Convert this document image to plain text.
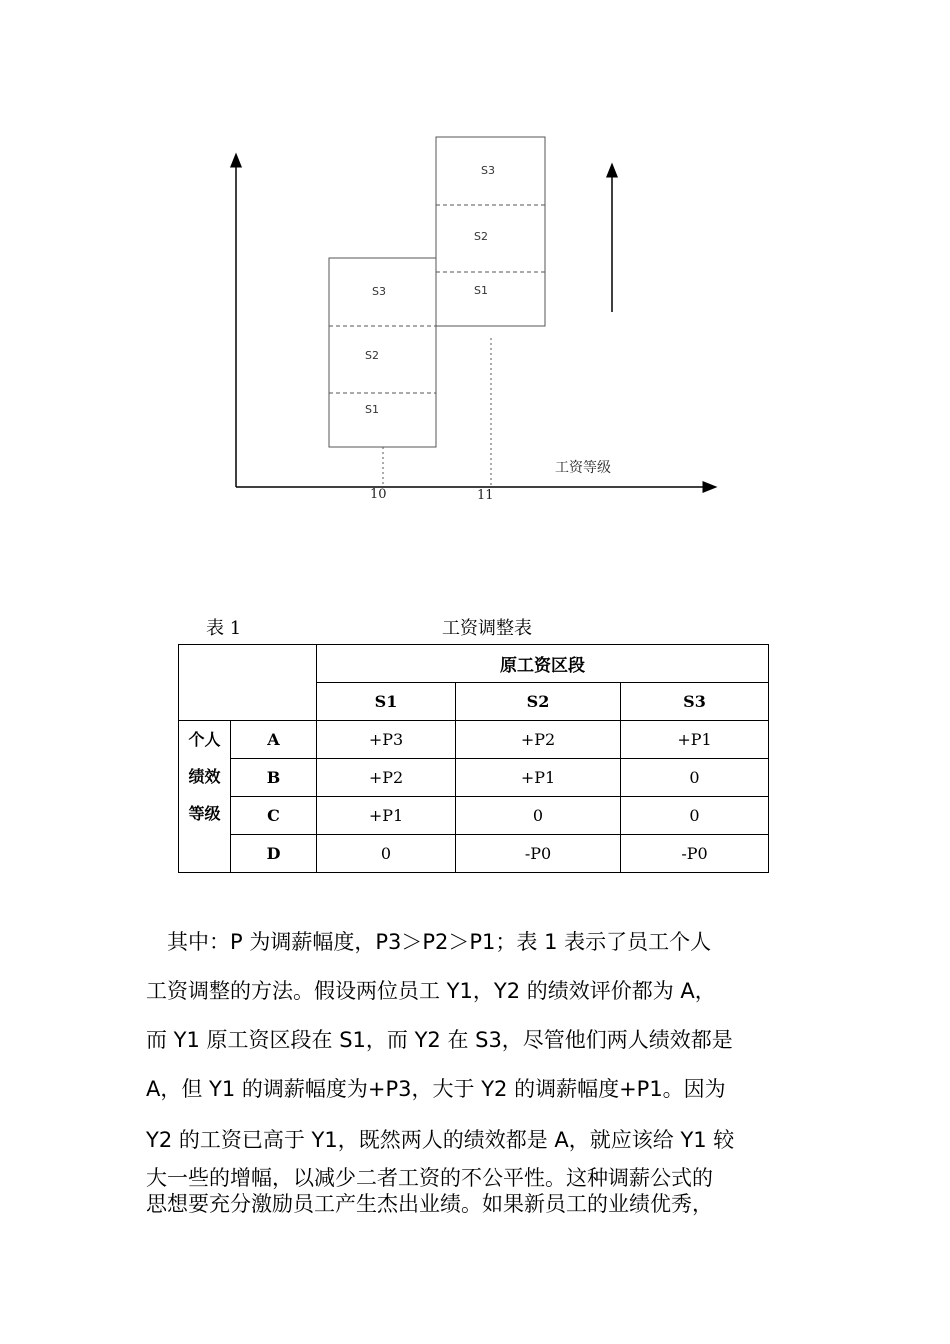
S3
S2
S1
S3
S2
S1
工资等级
10	11
表 1	工资调整表
		原工资区段		
		S1	S2	S3

个人
绩效
等级	A	+P3	+P2	+P1
	B	+P2	+P1	0
	C	+P1	0	0
	D	0	-P0	-P0
　其中：P 为调薪幅度，P3＞P2＞P1；表 1 表示了员工个人
工资调整的方法。假设两位员工 Y1，Y2 的绩效评价都为 A，
而 Y1 原工资区段在 S1，而 Y2 在 S3，尽管他们两人绩效都是
A，但 Y1 的调薪幅度为+P3，大于 Y2 的调薪幅度+P1。因为
Y2 的工资已高于 Y1，既然两人的绩效都是 A，就应该给 Y1 较
大一些的增幅，以减少二者工资的不公平性。这种调薪公式的
思想要充分激励员工产生杰出业绩。如果新员工的业绩优秀，
